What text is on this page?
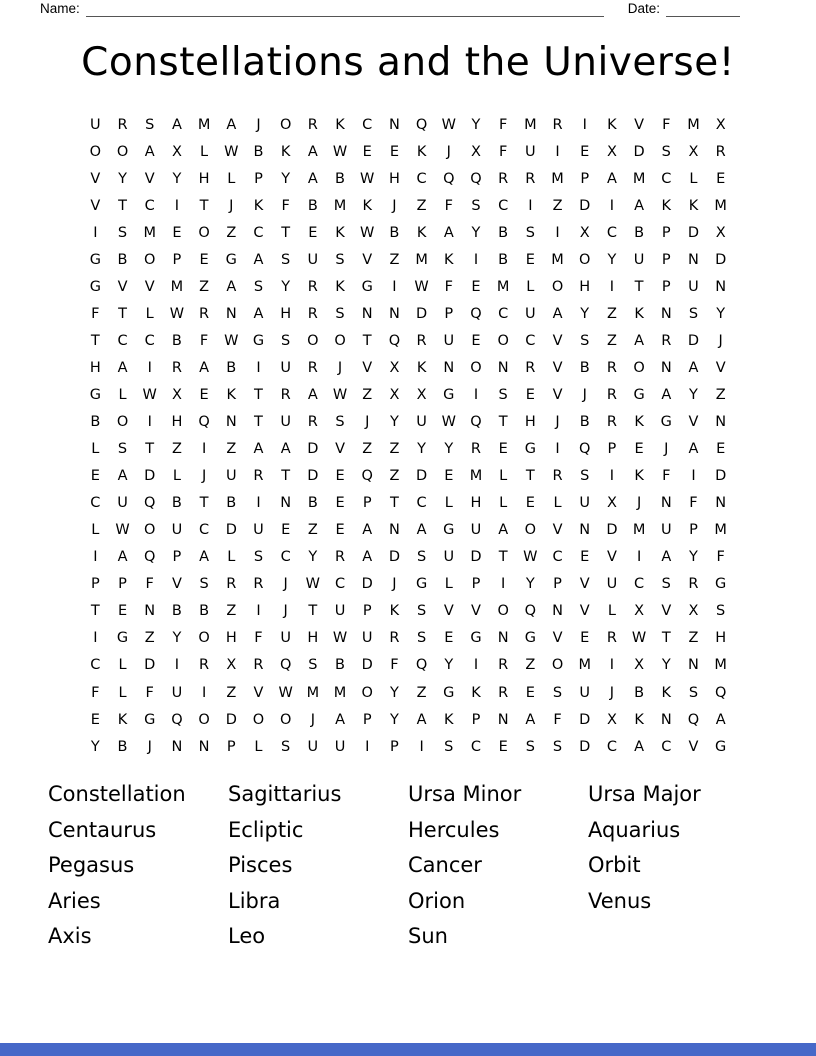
Name:	Date:
Constellations and the Universe!
U	R	S	A	M	A	J	O	R	K	C	N	Q W	Y	F	M	R	I	K	V	F	M	X
O	O	A	X	L	W	B	K	A	W	E	E	K	J	X	F	U	I	E	X	D	S	X	R
V	Y	V	Y	H	L	P	Y	A	B	W	H	C	Q	Q	R	R	M	P	A	M	C	L	E
V	T	C	I	T	J	K	F	B	M	K	J	Z	F	S	C	I	Z	D	I	A	K	K	M
I	S	M	E	O	Z	C	T	E	K	W	B	K	A	Y	B	S	I	X	C	B	P	D	X
G	B	O	P	E	G	A	S	U	S	V	Z	M	K	I	B	E	M	O	Y	U	P	N	D
G	V	V	M	Z	A	S	Y	R	K	G	I	W	F	E	M	L	O	H	I	T	P	U	N
F	T	L	W	R	N	A	H	R	S	N	N	D	P	Q	C	U	A	Y	Z	K	N	S	Y
T	C	C	B	F	W G	S	O	O	T	Q	R	U	E	O	C	V	S	Z	A	R	D	J
H	A	I	R	A	B	I	U	R	J	V	X	K	N	O	N	R	V	B	R	O	N	A	V
G	L	W	X	E	K	T	R	A	W	Z	X	X	G	I	S	E	V	J	R	G	A	Y	Z
B	O	I	H	Q	N	T	U	R	S	J	Y	U	W Q	T	H	J	B	R	K	G	V	N
L	S	T	Z	I	Z	A	A	D	V	Z	Z	Y	Y	R	E	G	I	Q	P	E	J	A	E
E	A	D	L	J	U	R	T	D	E	Q	Z	D	E	M	L	T	R	S	I	K	F	I	D
C	U	Q	B	T	B	I	N	B	E	P	T	C	L	H	L	E	L	U	X	J	N	F	N
L	W O	U	C	D	U	E	Z	E	A	N	A	G	U	A	O	V	N	D	M	U	P	M
I	A	Q	P	A	L	S	C	Y	R	A	D	S	U	D	T	W	C	E	V	I	A	Y	F
P	P	F	V	S	R	R	J	W	C	D	J	G	L	P	I	Y	P	V	U	C	S	R	G
T	E	N	B	B	Z	I	J	T	U	P	K	S	V	V	O	Q	N	V	L	X	V	X	S
I	G	Z	Y	O	H	F	U	H	W	U	R	S	E	G	N	G	V	E	R	W	T	Z	H
C	L	D	I	R	X	R	Q	S	B	D	F	Q	Y	I	R	Z	O	M	I	X	Y	N	M
F	L	F	U	I	Z	V	W M	M	O	Y	Z	G	K	R	E	S	U	J	B	K	S	Q
E	K	G	Q	O	D	O	O	J	A	P	Y	A	K	P	N	A	F	D	X	K	N	Q	A
Y	B	J	N	N	P	L	S	U	U	I	P	I	S	C	E	S	S	D	C	A	C	V	G
Constellation
Centaurus
Pegasus
Aries
Axis
Sagittarius
Ecliptic
Pisces
Libra
Leo
Ursa Minor
Hercules
Cancer
Orion
Sun
Ursa Major
Aquarius
Orbit
Venus
